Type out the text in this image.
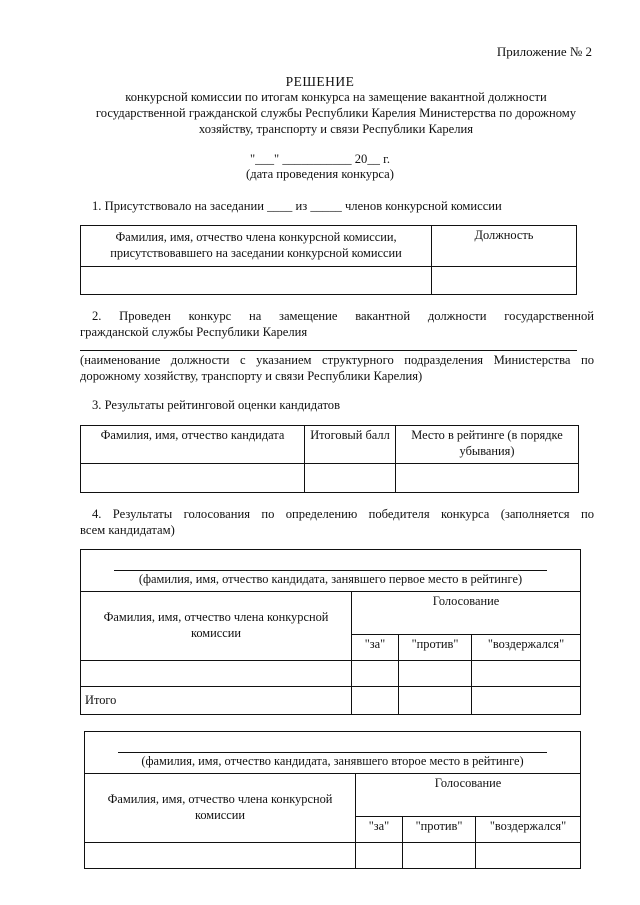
Приложение № 2
РЕШЕНИЕ
конкурсной комиссии по итогам конкурса на замещение вакантной должности государственной гражданской службы Республики Карелия Министерства по дорожному хозяйству, транспорту и связи Республики Карелия
"___" ___________ 20__ г.
(дата проведения конкурса)
1. Присутствовало на заседании ____ из _____ членов конкурсной комиссии
Фамилия, имя, отчество члена конкурсной комиссии, присутствовавшего на заседании конкурсной комиссии	Должность

2. Проведен конкурс на замещение вакантной должности государственной
гражданской службы Республики Карелия
(наименование должности с указанием структурного подразделения Министерства по дорожному хозяйству, транспорту и связи Республики Карелия)
3. Результаты рейтинговой оценки кандидатов
Фамилия, имя, отчество кандидата	Итоговый балл	Место в рейтинге (в порядке убывания)

4. Результаты голосования по определению победителя конкурса (заполняется по
всем кандидатам)
(фамилия, имя, отчество кандидата, занявшего первое место в рейтинге)			
Фамилия, имя, отчество члена конкурсной комиссии	Голосование		
	"за"	"против"	"воздержался"

Итого			
(фамилия, имя, отчество кандидата, занявшего второе место в рейтинге)			
Фамилия, имя, отчество члена конкурсной комиссии	Голосование		
	"за"	"против"	"воздержался"
